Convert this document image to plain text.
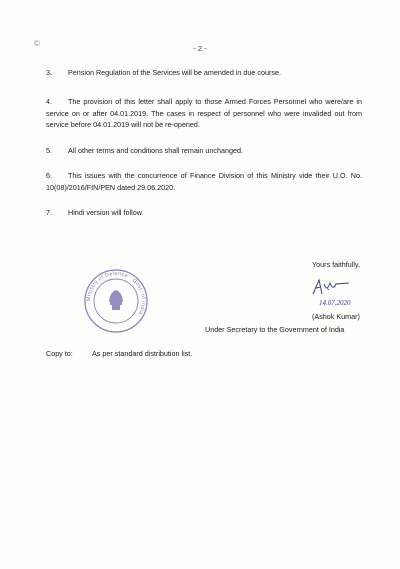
©
- 2 -

3. Pension Regulation of the Services will be amended in due course.

4. The provision of this letter shall apply to those Armed Forces Personnel who were/are in service on or after 04.01.2019. The cases in respect of personnel who were invalided out from service before 04.01.2019 will not be re-opened.

5. All other terms and conditions shall remain unchanged.

6. This issues with the concurrence of Finance Division of this Ministry vide their U.O. No. 10(08)/2016/FIN/PEN dated 29.06.2020.

7. Hindi version will follow.

Yours faithfully,
Ministry of Defence · Govt. of India
14.07.2020
(Ashok Kumar)
Under Secretary to the Government of India
Copy to:	As per standard distribution list.
